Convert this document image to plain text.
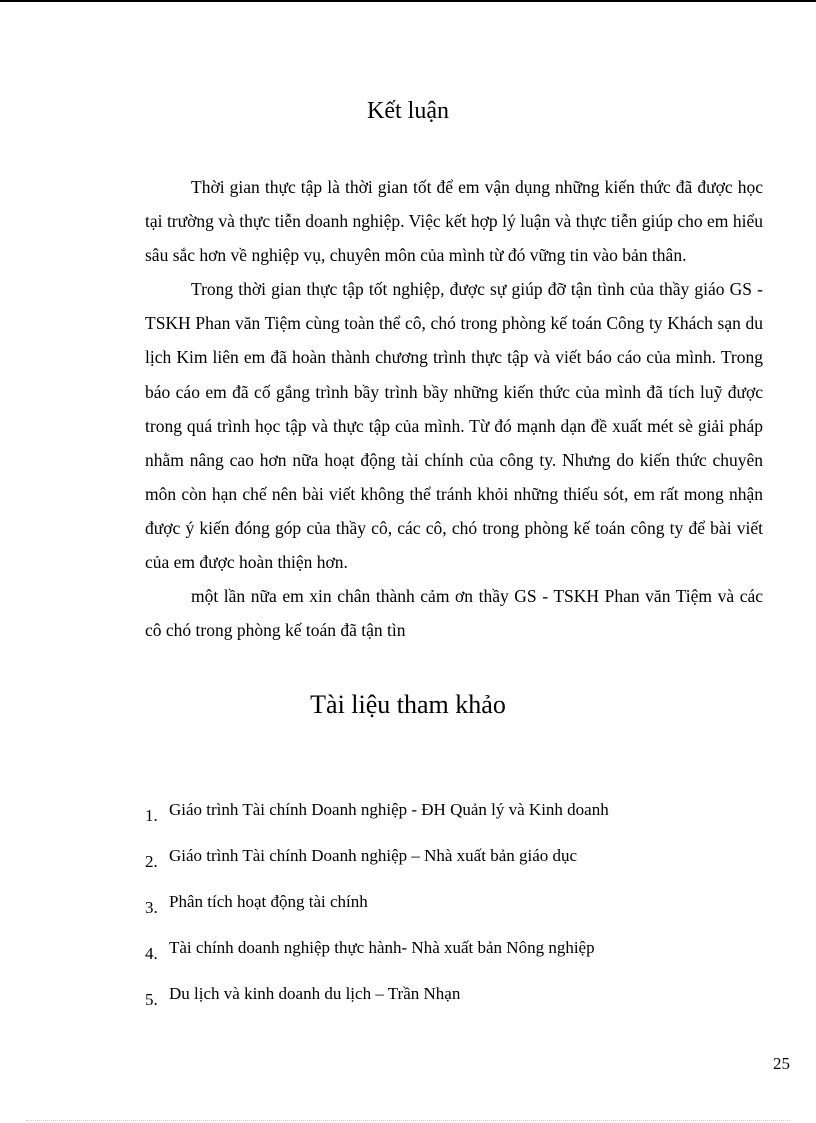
Kết luận

Thời gian thực tập là thời gian tốt để em vận dụng những kiến thức đã được học tại trường và thực tiễn doanh nghiệp. Việc kết hợp lý luận và thực tiễn giúp cho em hiểu sâu sắc hơn về nghiệp vụ, chuyên môn của mình từ đó vững tin vào bản thân.

Trong thời gian thực tập tốt nghiệp, được sự giúp đỡ tận tình của thầy giáo GS - TSKH Phan văn Tiệm cùng toàn thể cô, chó trong phòng kế toán Công ty Khách sạn du lịch Kim liên em đã hoàn thành chương trình thực tập và viết báo cáo của mình. Trong báo cáo em đã cố gắng trình bầy trình bầy những kiến thức của mình đã tích luỹ được trong quá trình học tập và thực tập của mình. Từ đó mạnh dạn đề xuất mét sè giải pháp nhằm nâng cao hơn nữa hoạt động tài chính của công ty. Nhưng do kiến thức chuyên môn còn hạn chế nên bài viết không thể tránh khỏi những thiếu sót, em rất mong nhận được ý kiến đóng góp của thầy cô, các cô, chó trong phòng kế toán công ty để bài viết của em được hoàn thiện hơn.

một lần nữa em xin chân thành cảm ơn thầy GS - TSKH Phan văn Tiệm và các cô chó trong phòng kế toán đã tận tìn

Tài liệu tham khảo
1. Giáo trình Tài chính Doanh nghiệp - ĐH Quản lý và Kinh doanh
2. Giáo trình Tài chính Doanh nghiệp – Nhà xuất bản giáo dục
3. Phân tích hoạt động tài chính
4. Tài chính doanh nghiệp thực hành- Nhà xuất bản Nông nghiệp
5. Du lịch và kinh doanh du lịch – Trần Nhạn
25
